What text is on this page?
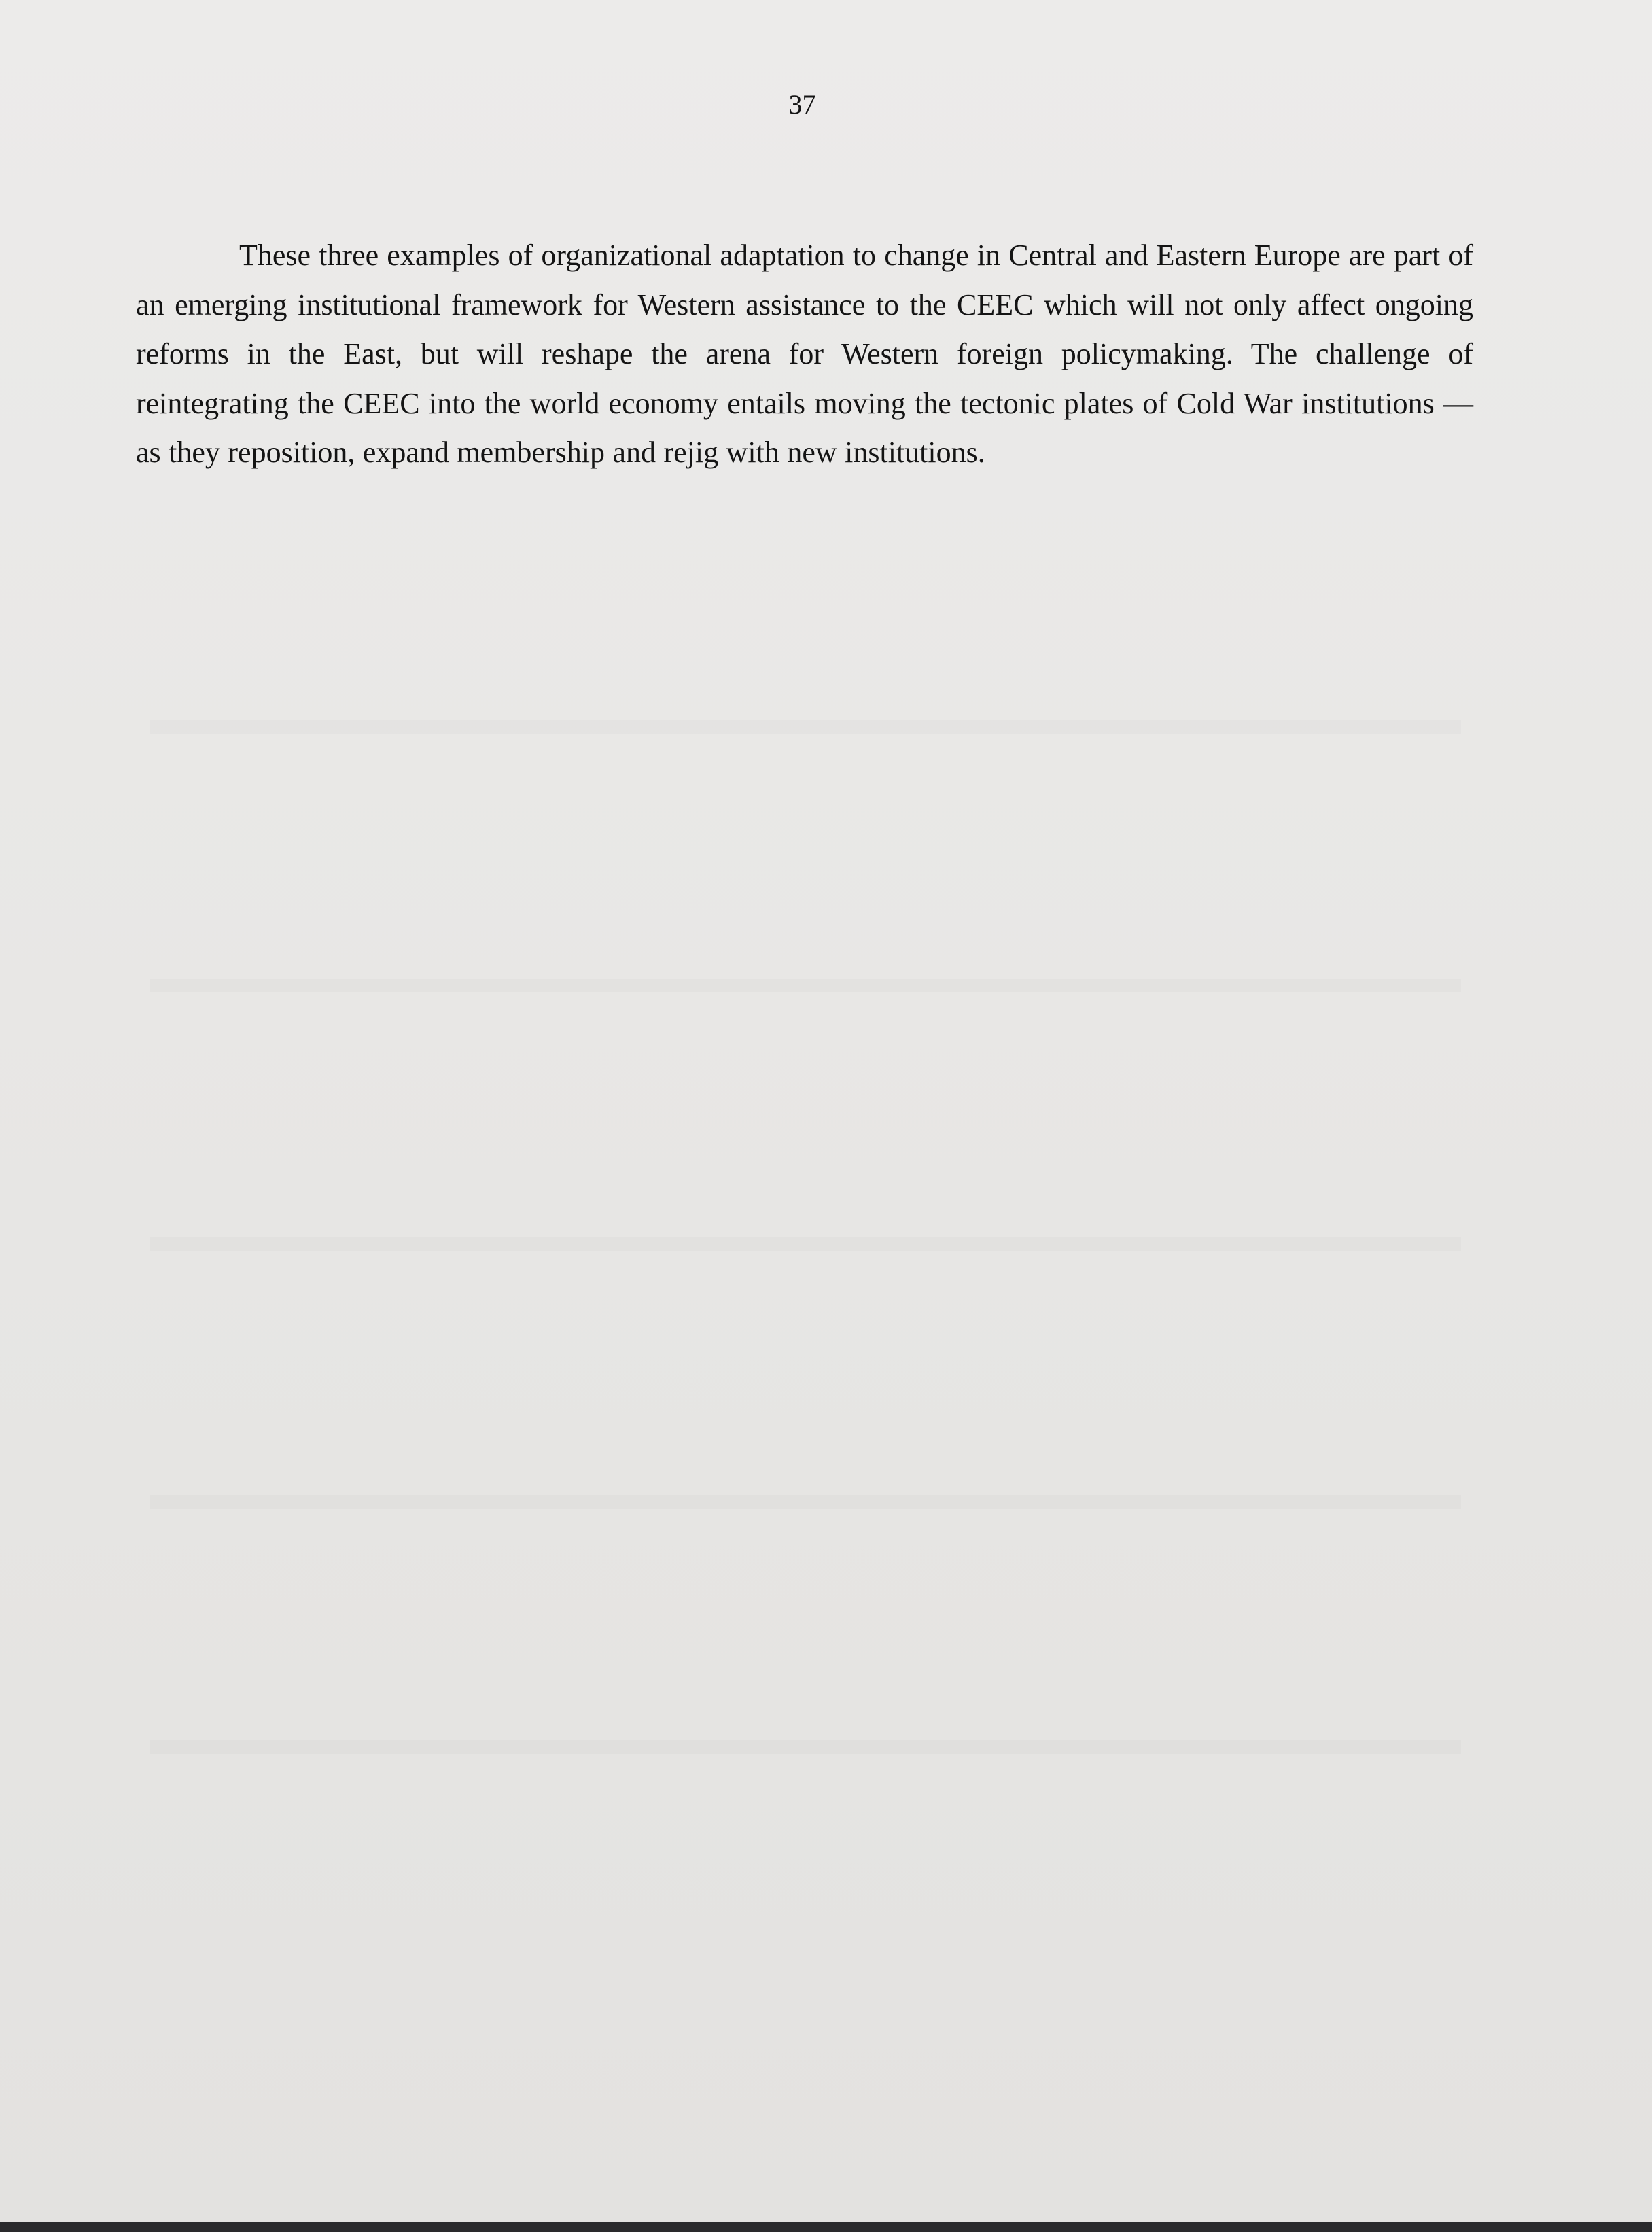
37

These three examples of organizational adaptation to change in Central and Eastern Europe are part of an emerging institutional framework for Western assistance to the CEEC which will not only affect ongoing reforms in the East, but will reshape the arena for Western foreign policymaking. The challenge of reintegrating the CEEC into the world economy entails moving the tectonic plates of Cold War institutions — as they reposition, expand membership and rejig with new institutions.
